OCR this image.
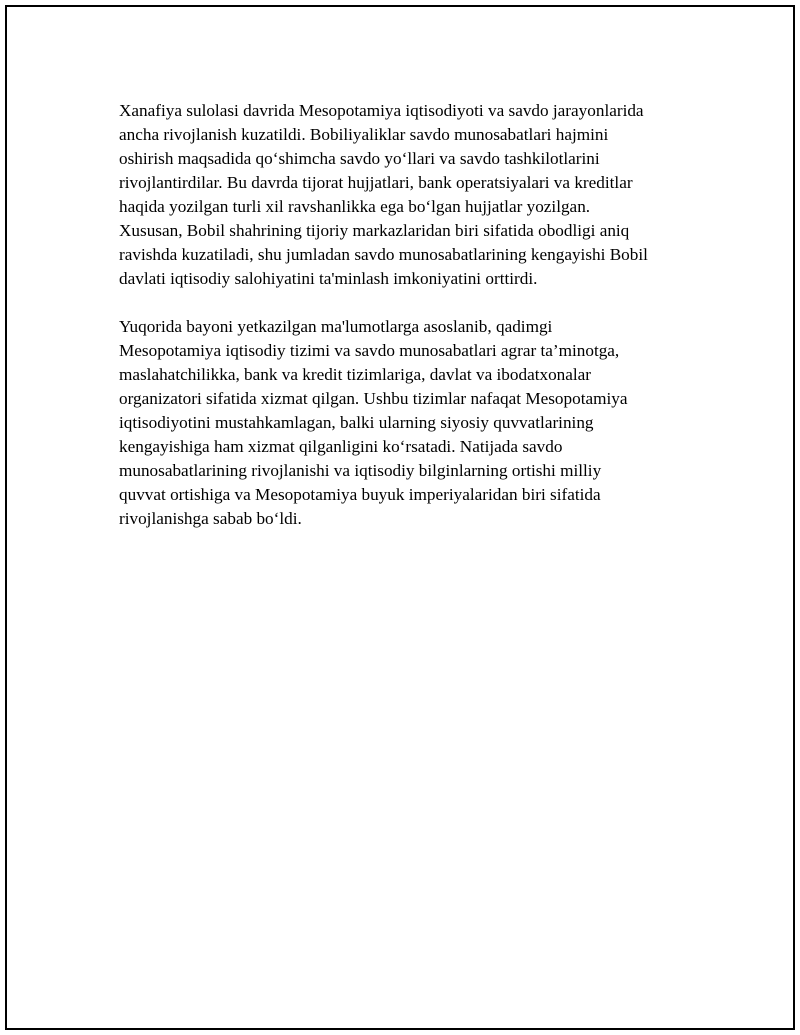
Xanafiya sulolasi davrida Mesopotamiya iqtisodiyoti va savdo jarayonlarida
ancha rivojlanish kuzatildi. Bobiliyaliklar savdo munosabatlari hajmini
oshirish maqsadida qo‘shimcha savdo yo‘llari va savdo tashkilotlarini
rivojlantirdilar. Bu davrda tijorat hujjatlari, bank operatsiyalari va kreditlar
haqida yozilgan turli xil ravshanlikka ega bo‘lgan hujjatlar yozilgan.
Xususan, Bobil shahrining tijoriy markazlaridan biri sifatida obodligi aniq
ravishda kuzatiladi, shu jumladan savdo munosabatlarining kengayishi Bobil
davlati iqtisodiy salohiyatini ta'minlash imkoniyatini orttirdi.

Yuqorida bayoni yetkazilgan ma'lumotlarga asoslanib, qadimgi
Mesopotamiya iqtisodiy tizimi va savdo munosabatlari agrar ta’minotga,
maslahatchilikka, bank va kredit tizimlariga, davlat va ibodatxonalar
organizatori sifatida xizmat qilgan. Ushbu tizimlar nafaqat Mesopotamiya
iqtisodiyotini mustahkamlagan, balki ularning siyosiy quvvatlarining
kengayishiga ham xizmat qilganligini ko‘rsatadi. Natijada savdo
munosabatlarining rivojlanishi va iqtisodiy bilginlarning ortishi milliy
quvvat ortishiga va Mesopotamiya buyuk imperiyalaridan biri sifatida
rivojlanishga sabab bo‘ldi.
